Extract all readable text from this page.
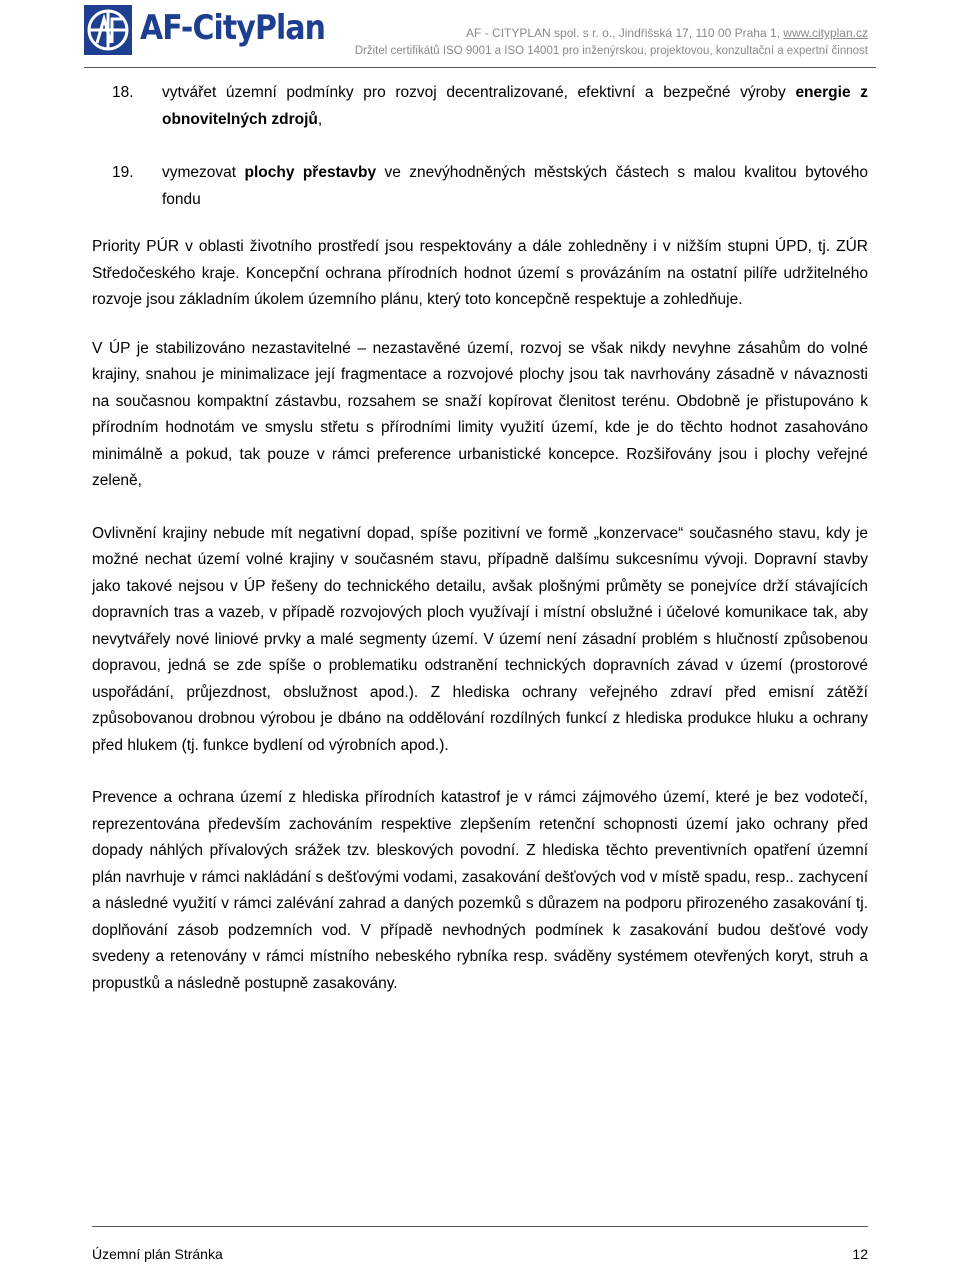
AF-CityPlan	AF - CITYPLAN spol. s r. o., Jindřišská 17, 110 00 Praha 1, www.cityplan.cz
Držitel certifikátů ISO 9001 a ISO 14001 pro inženýrskou, projektovou, konzultační a expertní činnost
18. vytvářet územní podmínky pro rozvoj decentralizované, efektivní a bezpečné výroby energie z obnovitelných zdrojů,
19. vymezovat plochy přestavby ve znevýhodněných městských částech s malou kvalitou bytového fondu

Priority PÚR v oblasti životního prostředí jsou respektovány a dále zohledněny i v nižším stupni ÚPD, tj. ZÚR Středočeského kraje. Koncepční ochrana přírodních hodnot území s provázáním na ostatní pilíře udržitelného rozvoje jsou základním úkolem územního plánu, který toto koncepčně respektuje a zohledňuje.

V ÚP je stabilizováno nezastavitelné – nezastavěné území, rozvoj se však nikdy nevyhne zásahům do volné krajiny, snahou je minimalizace její fragmentace a rozvojové plochy jsou tak navrhovány zásadně v návaznosti na současnou kompaktní zástavbu, rozsahem se snaží kopírovat členitost terénu. Obdobně je přistupováno k přírodním hodnotám ve smyslu střetu s přírodními limity využití území, kde je do těchto hodnot zasahováno minimálně a pokud, tak pouze v rámci preference urbanistické koncepce. Rozšiřovány jsou i plochy veřejné zeleně,

Ovlivnění krajiny nebude mít negativní dopad, spíše pozitivní ve formě „konzervace“ současného stavu, kdy je možné nechat území volné krajiny v současném stavu, případně dalšímu sukcesnímu vývoji. Dopravní stavby jako takové nejsou v ÚP řešeny do technického detailu, avšak plošnými průměty se ponejvíce drží stávajících dopravních tras a vazeb, v případě rozvojových ploch využívají i místní obslužné i účelové komunikace tak, aby nevytvářely nové liniové prvky a malé segmenty území. V území není zásadní problém s hlučností způsobenou dopravou, jedná se zde spíše o problematiku odstranění technických dopravních závad v území (prostorové uspořádání, průjezdnost, obslužnost apod.). Z hlediska ochrany veřejného zdraví před emisní zátěží způsobovanou drobnou výrobou je dbáno na oddělování rozdílných funkcí z hlediska produkce hluku a ochrany před hlukem (tj. funkce bydlení od výrobních apod.).

Prevence a ochrana území z hlediska přírodních katastrof je v rámci zájmového území, které je bez vodotečí, reprezentována především zachováním respektive zlepšením retenční schopnosti území jako ochrany před dopady náhlých přívalových srážek tzv. bleskových povodní. Z hlediska těchto preventivních opatření územní plán navrhuje v rámci nakládání s dešťovými vodami, zasakování dešťových vod v místě spadu, resp.. zachycení a následné využití v rámci zalévání zahrad a daných pozemků s důrazem na podporu přirozeného zasakování tj. doplňování zásob podzemních vod. V případě nevhodných podmínek k zasakování budou dešťové vody svedeny a retenovány v rámci místního nebeského rybníka resp. sváděny systémem otevřených koryt, struh a propustků a následně postupně zasakovány.

Územní plán Stránka	12
